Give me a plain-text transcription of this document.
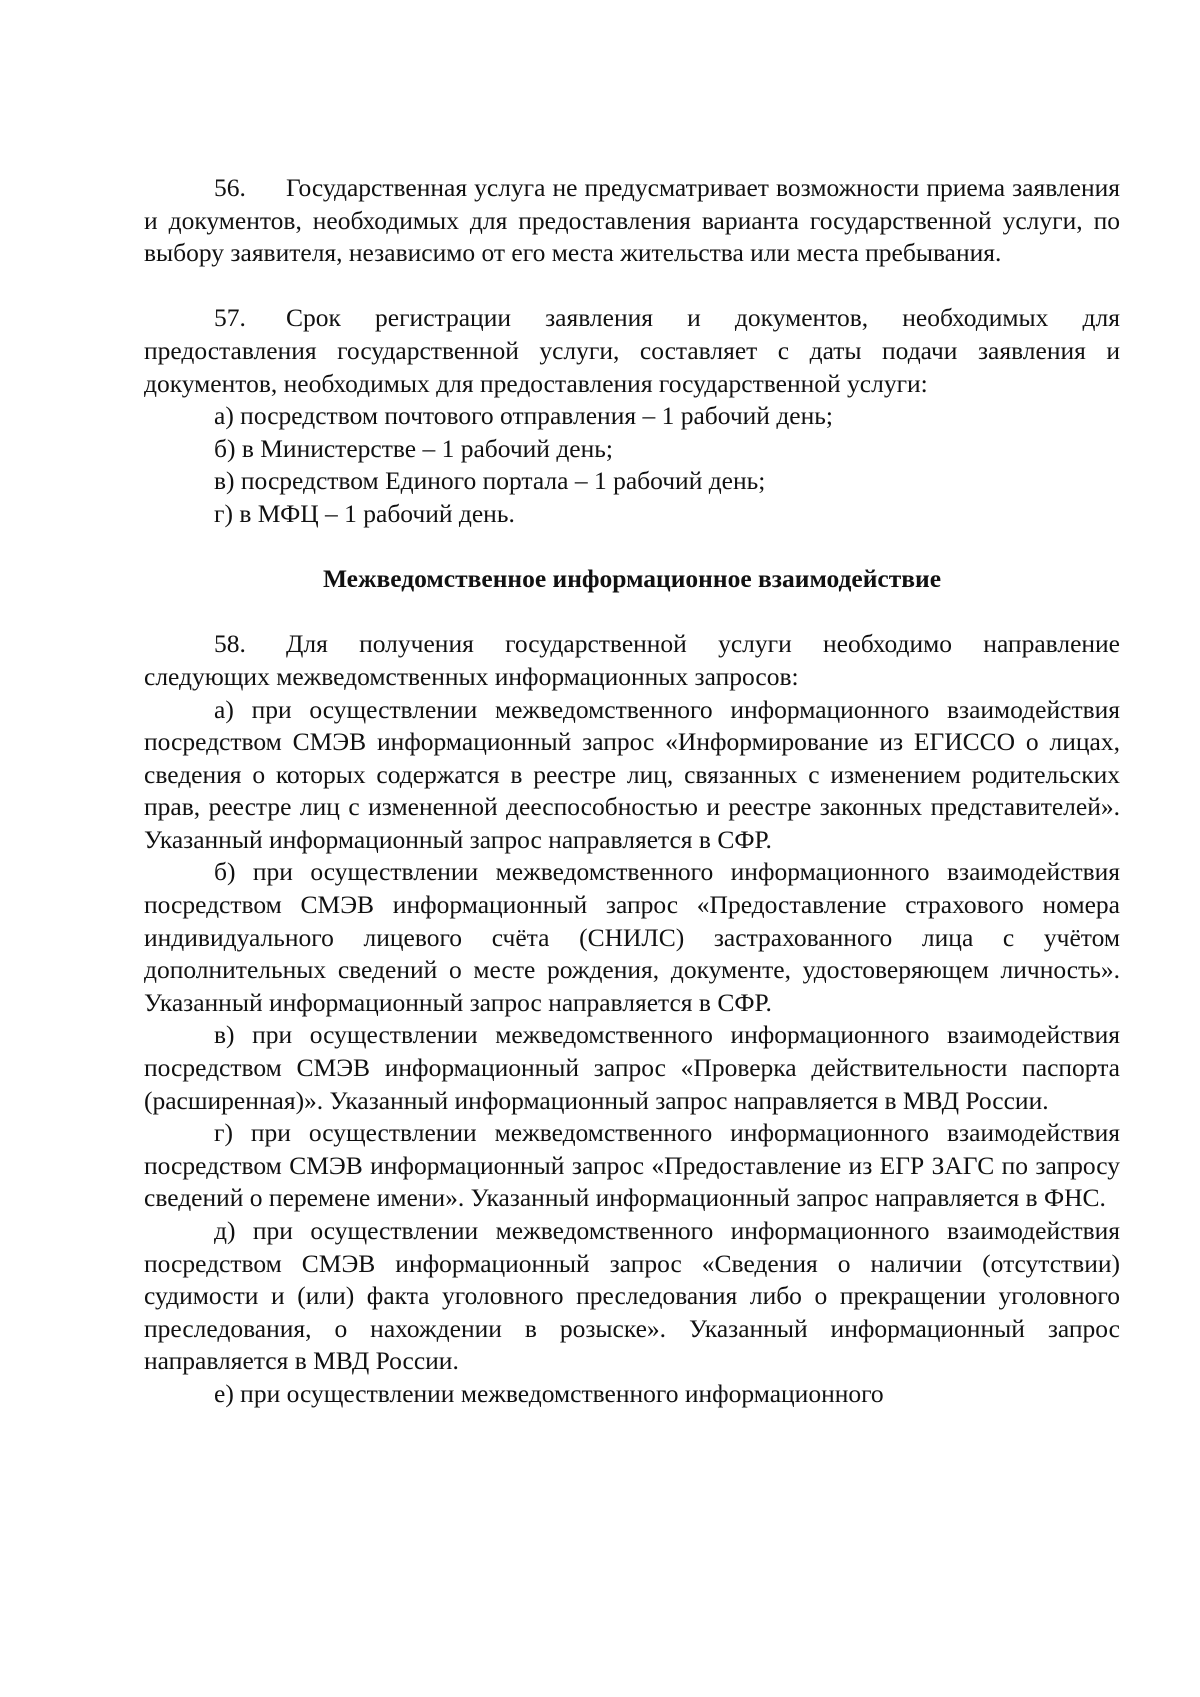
56. Государственная услуга не предусматривает возможности приема заявления и документов, необходимых для предоставления варианта государственной услуги, по выбору заявителя, независимо от его места жительства или места пребывания.

57. Срок регистрации заявления и документов, необходимых для предоставления государственной услуги, составляет с даты подачи заявления и документов, необходимых для предоставления государственной услуги:

а) посредством почтового отправления – 1 рабочий день;

б) в Министерстве – 1 рабочий день;

в) посредством Единого портала – 1 рабочий день;

г) в МФЦ – 1 рабочий день.

Межведомственное информационное взаимодействие

58. Для получения государственной услуги необходимо направление следующих межведомственных информационных запросов:

а) при осуществлении межведомственного информационного взаимодействия посредством СМЭВ информационный запрос «Информирование из ЕГИССО о лицах, сведения о которых содержатся в реестре лиц, связанных с изменением родительских прав, реестре лиц с измененной дееспособностью и реестре законных представителей». Указанный информационный запрос направляется в СФР.

б) при осуществлении межведомственного информационного взаимодействия посредством СМЭВ информационный запрос «Предоставление страхового номера индивидуального лицевого счёта (СНИЛС) застрахованного лица с учётом дополнительных сведений о месте рождения, документе, удостоверяющем личность». Указанный информационный запрос направляется в СФР.

в) при осуществлении межведомственного информационного взаимодействия посредством СМЭВ информационный запрос «Проверка действительности паспорта (расширенная)». Указанный информационный запрос направляется в МВД России.

г) при осуществлении межведомственного информационного взаимодействия посредством СМЭВ информационный запрос «Предоставление из ЕГР ЗАГС по запросу сведений о перемене имени». Указанный информационный запрос направляется в ФНС.

д) при осуществлении межведомственного информационного взаимодействия посредством СМЭВ информационный запрос «Сведения о наличии (отсутствии) судимости и (или) факта уголовного преследования либо о прекращении уголовного преследования, о нахождении в розыске». Указанный информационный запрос направляется в МВД России.

е) при осуществлении межведомственного информационного
